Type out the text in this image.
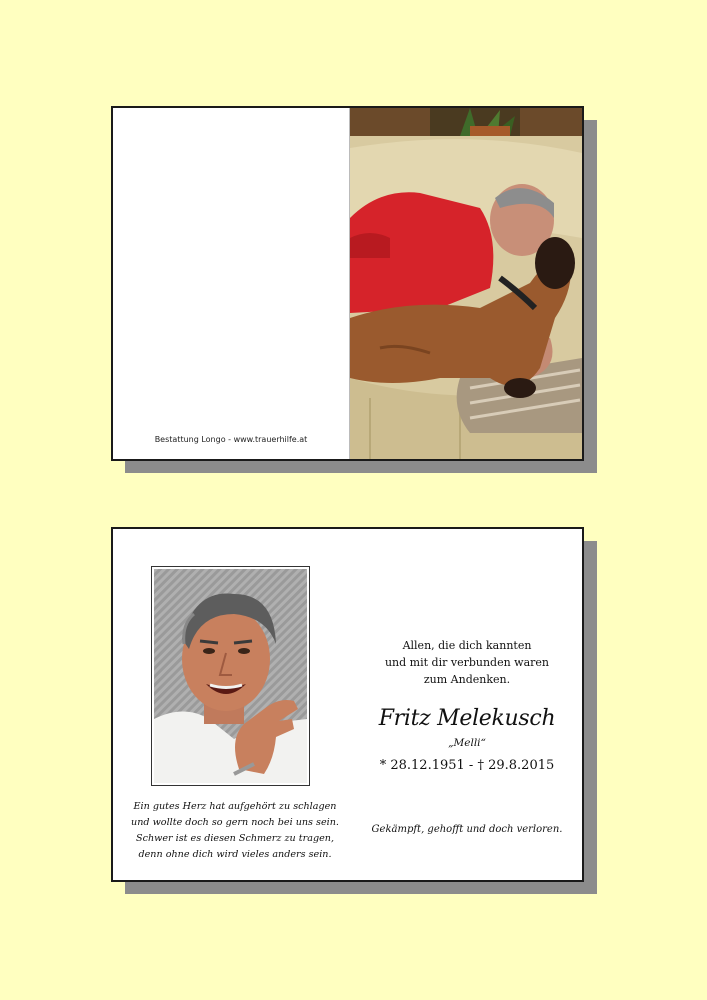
Bestattung Longo - www.trauerhilfe.at
Ein gutes Herz hat aufgehört zu schlagen
und wollte doch so gern noch bei uns sein.
Schwer ist es diesen Schmerz zu tragen,
denn ohne dich wird vieles anders sein.
Allen, die dich kannten
und mit dir verbunden waren
zum Andenken.
Fritz Melekusch
„Melli“
* 28.12.1951 - † 29.8.2015
Gekämpft, gehofft und doch verloren.
